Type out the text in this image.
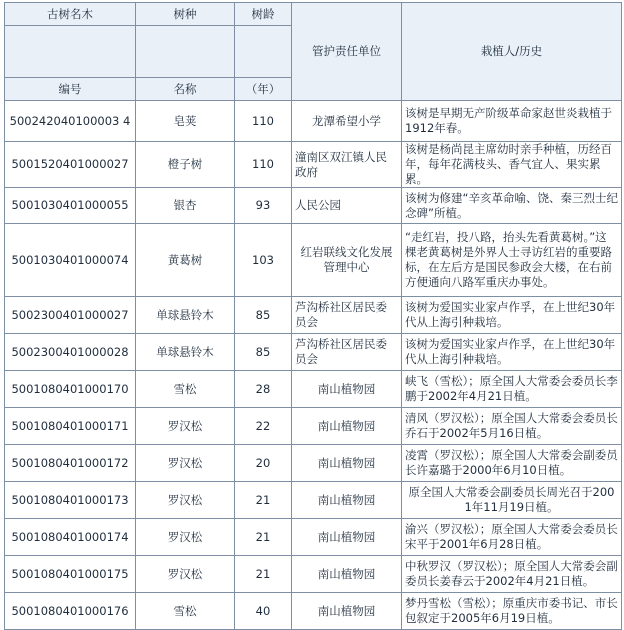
古树名木	树种	树龄	管护责任单位	栽植人/历史

编号	名称	（年）		
500242040100003 4	皂荚	110	龙潭希望小学	该树是早期无产阶级革命家赵世炎栽植于1912年春。
5001520401000027	橙子树	110	潼南区双江镇人民政府	该树是杨尚昆主席幼时亲手种植，历经百年，每年花满枝头、香气宜人、果实累累。
5001030401000055	银杏	93	人民公园	该树为修建“辛亥革命喻、饶、秦三烈士纪念碑”所植。
5001030401000074	黄葛树	103	红岩联线文化发展管理中心	“走红岩，投八路，抬头先看黄葛树。”这棵老黄葛树是外界人士寻访红岩的重要路标，在左后方是国民参政会大楼，在右前方便通向八路军重庆办事处。
5002300401000027	单球悬铃木	85	芦沟桥社区居民委员会	该树为爱国实业家卢作孚，在上世纪30年代从上海引种栽培。
5002300401000028	单球悬铃木	85	芦沟桥社区居民委员会	该树为爱国实业家卢作孚，在上世纪30年代从上海引种栽培。
5001080401000170	雪松	28	南山植物园	峡飞（雪松）；原全国人大常委会委员长李鹏于2002年4月21日植。
5001080401000171	罗汉松	22	南山植物园	清风（罗汉松）；原全国人大常委会委员长乔石于2002年5月16日植。
5001080401000172	罗汉松	20	南山植物园	凌霄（罗汉松）；原全国人大常委会副委员长许嘉璐于2000年6月10日植。
5001080401000173	罗汉松	21	南山植物园	原全国人大常委会副委员长周光召于2001年11月19日植。
5001080401000174	罗汉松	21	南山植物园	渝兴（罗汉松）；原全国人大常委会委员长宋平于2001年6月28日植。
5001080401000175	罗汉松	21	南山植物园	中秋罗汉（罗汉松）；原全国人大常委会副委员长姜春云于2002年4月21日植。
5001080401000176	雪松	40	南山植物园	梦丹雪松（雪松）；原重庆市委书记、市长包叙定于2005年6月19日植。
